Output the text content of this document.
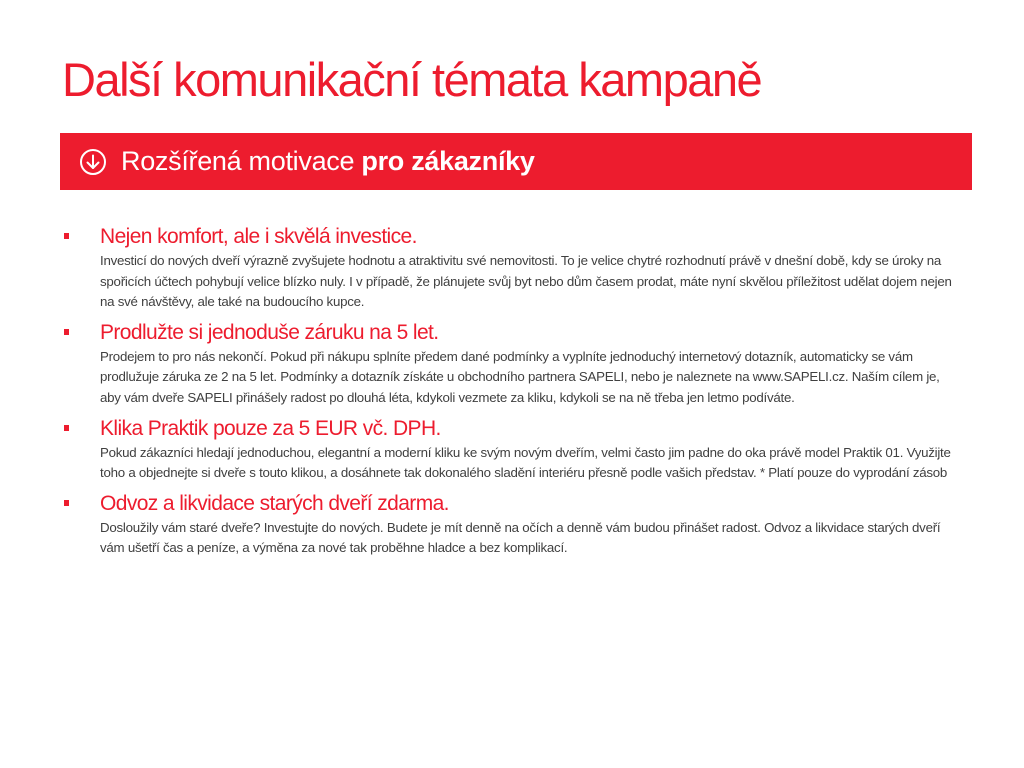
Další komunikační témata kampaně
Rozšířená motivace pro zákazníky
Nejen komfort, ale i skvělá investice.
Investicí do nových dveří výrazně zvyšujete hodnotu a atraktivitu své nemovitosti. To je velice chytré rozhodnutí právě v dnešní době, kdy se úroky na spořicích účtech pohybují velice blízko nuly. I v případě, že plánujete svůj byt nebo dům časem prodat, máte nyní skvělou příležitost udělat dojem nejen na své návštěvy, ale také na budoucího kupce.
Prodlužte si jednoduše záruku na 5 let.
Prodejem to pro nás nekončí. Pokud při nákupu splníte předem dané podmínky a vyplníte jednoduchý internetový dotazník, automaticky se vám prodlužuje záruka ze 2 na 5 let. Podmínky a dotazník získáte u obchodního partnera SAPELI, nebo je naleznete na www.SAPELI.cz. Naším cílem je, aby vám dveře SAPELI přinášely radost po dlouhá léta, kdykoli vezmete za kliku, kdykoli se na ně třeba jen letmo podíváte.
Klika Praktik pouze za 5 EUR vč. DPH.
Pokud zákazníci hledají jednoduchou, elegantní a moderní kliku ke svým novým dveřím, velmi často jim padne do oka právě model Praktik 01. Využijte toho a objednejte si dveře s touto klikou, a dosáhnete tak dokonalého sladění interiéru přesně podle vašich představ. * Platí pouze do vyprodání zásob
Odvoz a likvidace starých dveří zdarma.
Dosloužily vám staré dveře? Investujte do nových. Budete je mít denně na očích a denně vám budou přinášet radost. Odvoz a likvidace starých dveří vám ušetří čas a peníze, a výměna za nové tak proběhne hladce a bez komplikací.
